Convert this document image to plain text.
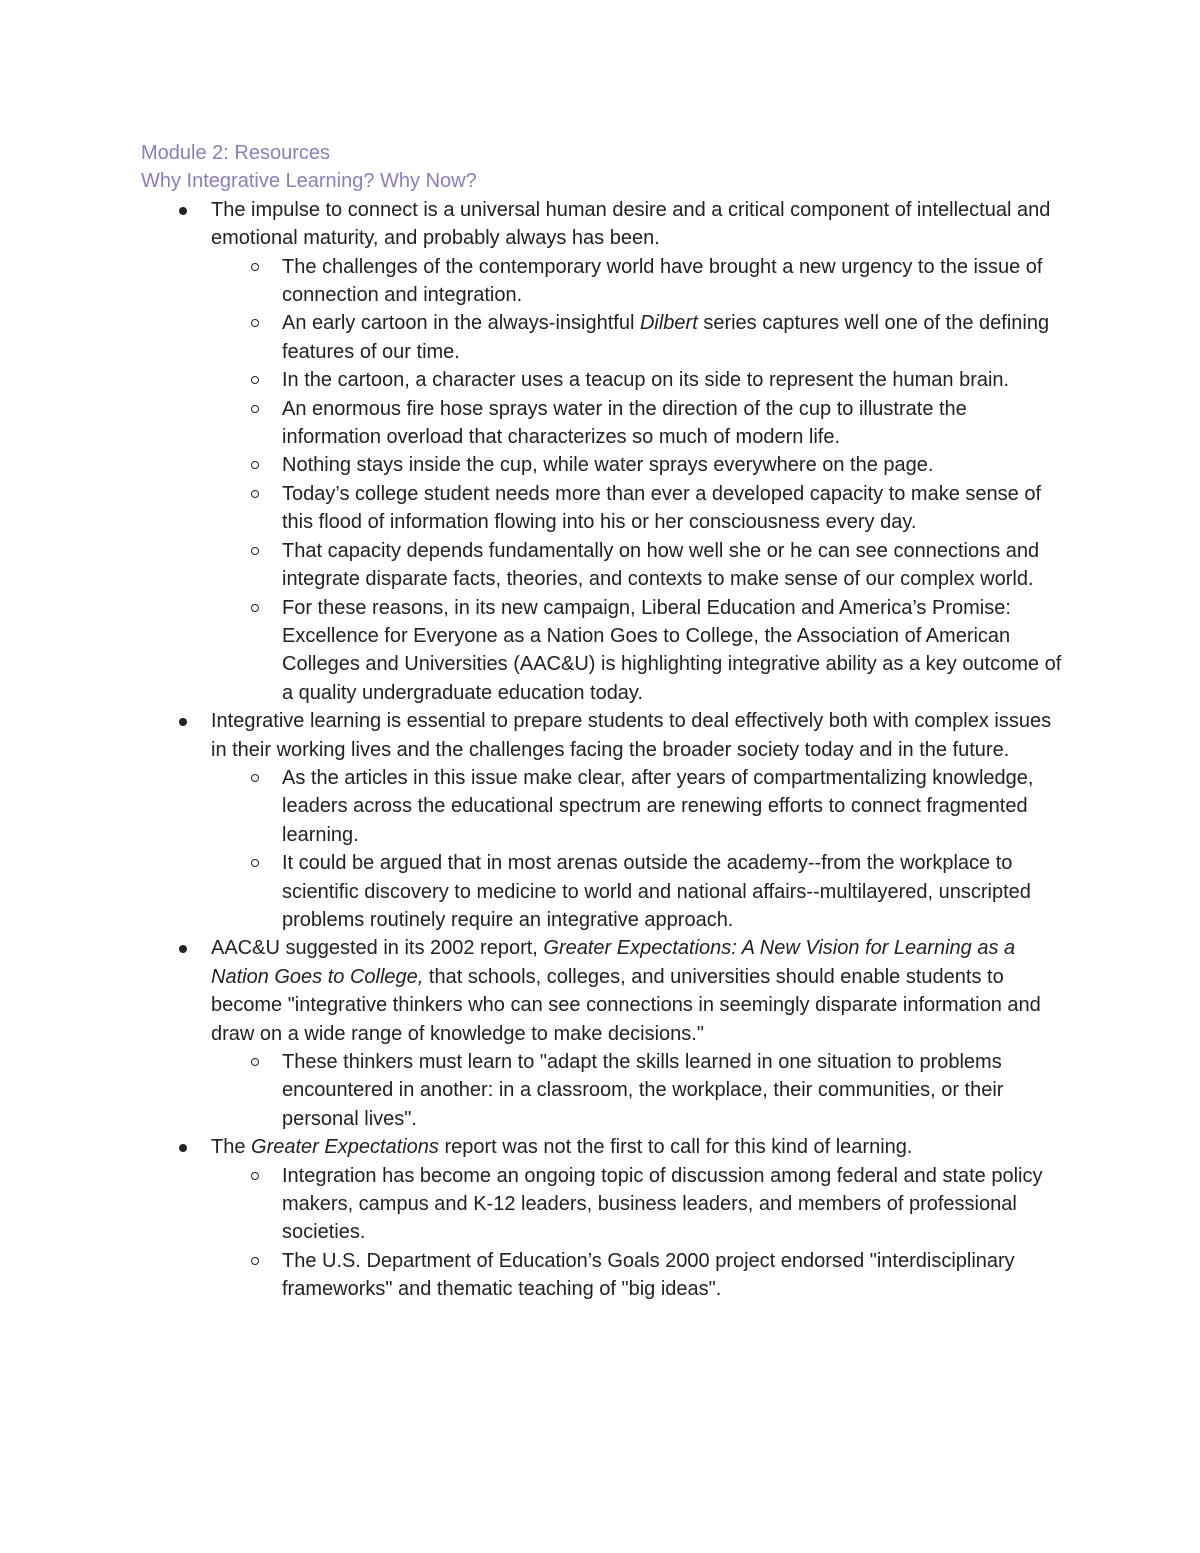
Module 2: Resources
Why Integrative Learning? Why Now?
The impulse to connect is a universal human desire and a critical component of intellectual and emotional maturity, and probably always has been.
The challenges of the contemporary world have brought a new urgency to the issue of connection and integration.
An early cartoon in the always-insightful Dilbert series captures well one of the defining features of our time.
In the cartoon, a character uses a teacup on its side to represent the human brain.
An enormous fire hose sprays water in the direction of the cup to illustrate the information overload that characterizes so much of modern life.
Nothing stays inside the cup, while water sprays everywhere on the page.
Today’s college student needs more than ever a developed capacity to make sense of this flood of information flowing into his or her consciousness every day.
That capacity depends fundamentally on how well she or he can see connections and integrate disparate facts, theories, and contexts to make sense of our complex world.
For these reasons, in its new campaign, Liberal Education and America’s Promise: Excellence for Everyone as a Nation Goes to College, the Association of American Colleges and Universities (AAC&U) is highlighting integrative ability as a key outcome of a quality undergraduate education today.
Integrative learning is essential to prepare students to deal effectively both with complex issues in their working lives and the challenges facing the broader society today and in the future.
As the articles in this issue make clear, after years of compartmentalizing knowledge, leaders across the educational spectrum are renewing efforts to connect fragmented learning.
It could be argued that in most arenas outside the academy--from the workplace to scientific discovery to medicine to world and national affairs--multilayered, unscripted problems routinely require an integrative approach.
AAC&U suggested in its 2002 report, Greater Expectations: A New Vision for Learning as a Nation Goes to College, that schools, colleges, and universities should enable students to become "integrative thinkers who can see connections in seemingly disparate information and draw on a wide range of knowledge to make decisions."
These thinkers must learn to "adapt the skills learned in one situation to problems encountered in another: in a classroom, the workplace, their communities, or their personal lives".
The Greater Expectations report was not the first to call for this kind of learning.
Integration has become an ongoing topic of discussion among federal and state policy makers, campus and K-12 leaders, business leaders, and members of professional societies.
The U.S. Department of Education’s Goals 2000 project endorsed "interdisciplinary frameworks" and thematic teaching of "big ideas".
